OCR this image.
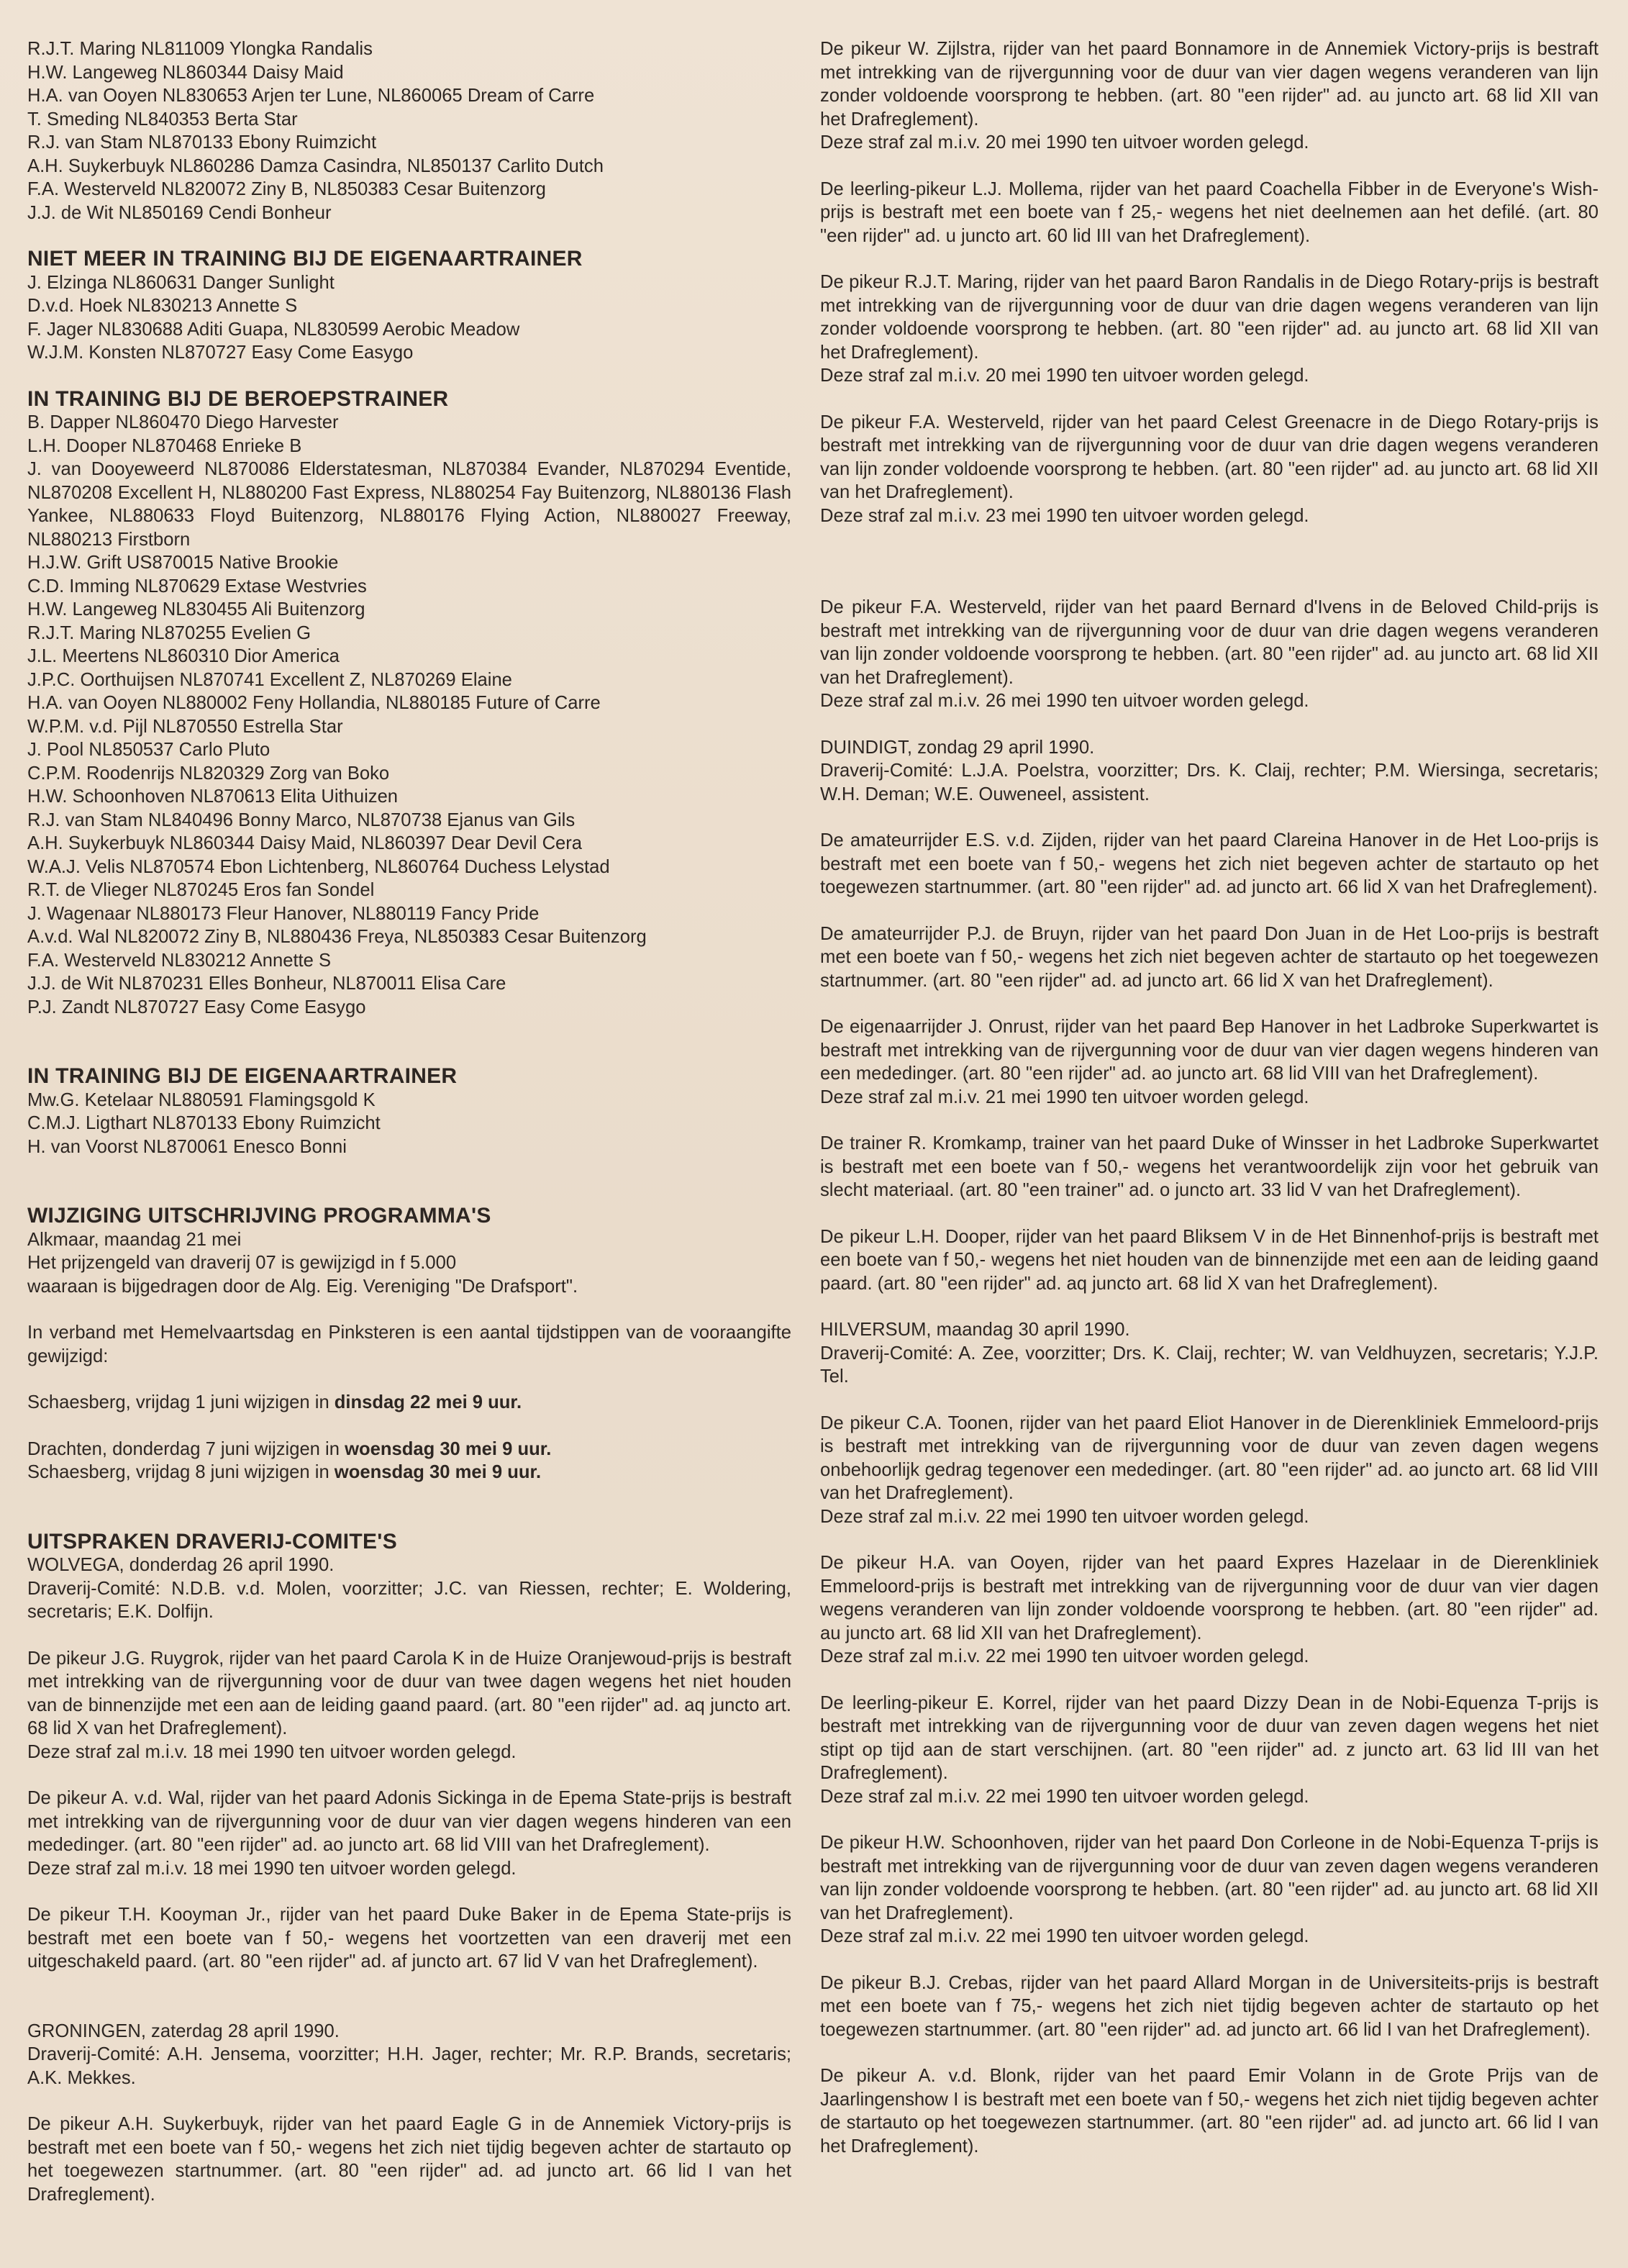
R.J.T. Maring NL811009 Ylongka Randalis

H.W. Langeweg NL860344 Daisy Maid

H.A. van Ooyen NL830653 Arjen ter Lune, NL860065 Dream of Carre

T. Smeding NL840353 Berta Star

R.J. van Stam NL870133 Ebony Ruimzicht

A.H. Suykerbuyk NL860286 Damza Casindra, NL850137 Carlito Dutch

F.A. Westerveld NL820072 Ziny B, NL850383 Cesar Buitenzorg

J.J. de Wit NL850169 Cendi Bonheur

NIET MEER IN TRAINING BIJ DE EIGENAARTRAINER

J. Elzinga NL860631 Danger Sunlight

D.v.d. Hoek NL830213 Annette S

F. Jager NL830688 Aditi Guapa, NL830599 Aerobic Meadow

W.J.M. Konsten NL870727 Easy Come Easygo

IN TRAINING BIJ DE BEROEPSTRAINER

B. Dapper NL860470 Diego Harvester

L.H. Dooper NL870468 Enrieke B

J. van Dooyeweerd NL870086 Elderstatesman, NL870384 Evander, NL870294 Eventide, NL870208 Excellent H, NL880200 Fast Express, NL880254 Fay Buitenzorg, NL880136 Flash Yankee, NL880633 Floyd Buitenzorg, NL880176 Flying Action, NL880027 Freeway, NL880213 Firstborn

H.J.W. Grift US870015 Native Brookie

C.D. Imming NL870629 Extase Westvries

H.W. Langeweg NL830455 Ali Buitenzorg

R.J.T. Maring NL870255 Evelien G

J.L. Meertens NL860310 Dior America

J.P.C. Oorthuijsen NL870741 Excellent Z, NL870269 Elaine

H.A. van Ooyen NL880002 Feny Hollandia, NL880185 Future of Carre

W.P.M. v.d. Pijl NL870550 Estrella Star

J. Pool NL850537 Carlo Pluto

C.P.M. Roodenrijs NL820329 Zorg van Boko

H.W. Schoonhoven NL870613 Elita Uithuizen

R.J. van Stam NL840496 Bonny Marco, NL870738 Ejanus van Gils

A.H. Suykerbuyk NL860344 Daisy Maid, NL860397 Dear Devil Cera

W.A.J. Velis NL870574 Ebon Lichtenberg, NL860764 Duchess Lelystad

R.T. de Vlieger NL870245 Eros fan Sondel

J. Wagenaar NL880173 Fleur Hanover, NL880119 Fancy Pride

A.v.d. Wal NL820072 Ziny B, NL880436 Freya, NL850383 Cesar Buitenzorg

F.A. Westerveld NL830212 Annette S

J.J. de Wit NL870231 Elles Bonheur, NL870011 Elisa Care

P.J. Zandt NL870727 Easy Come Easygo

IN TRAINING BIJ DE EIGENAARTRAINER

Mw.G. Ketelaar NL880591 Flamingsgold K

C.M.J. Ligthart NL870133 Ebony Ruimzicht

H. van Voorst NL870061 Enesco Bonni

WIJZIGING UITSCHRIJVING PROGRAMMA'S

Alkmaar, maandag 21 mei

Het prijzengeld van draverij 07 is gewijzigd in f 5.000

waaraan is bijgedragen door de Alg. Eig. Vereniging "De Drafsport".

In verband met Hemelvaartsdag en Pinksteren is een aantal tijdstippen van de vooraangifte gewijzigd:

Schaesberg, vrijdag 1 juni wijzigen in dinsdag 22 mei 9 uur.

Drachten, donderdag 7 juni wijzigen in woensdag 30 mei 9 uur.

Schaesberg, vrijdag 8 juni wijzigen in woensdag 30 mei 9 uur.

UITSPRAKEN DRAVERIJ-COMITE'S

WOLVEGA, donderdag 26 april 1990.

Draverij-Comité: N.D.B. v.d. Molen, voorzitter; J.C. van Riessen, rechter; E. Woldering, secretaris; E.K. Dolfijn.

De pikeur J.G. Ruygrok, rijder van het paard Carola K in de Huize Oranjewoud-prijs is bestraft met intrekking van de rijvergunning voor de duur van twee dagen wegens het niet houden van de binnenzijde met een aan de leiding gaand paard. (art. 80 "een rijder" ad. aq juncto art. 68 lid X van het Drafreglement).

Deze straf zal m.i.v. 18 mei 1990 ten uitvoer worden gelegd.

De pikeur A. v.d. Wal, rijder van het paard Adonis Sickinga in de Epema State-prijs is bestraft met intrekking van de rijvergunning voor de duur van vier dagen wegens hinderen van een mededinger. (art. 80 "een rijder" ad. ao juncto art. 68 lid VIII van het Drafreglement).

Deze straf zal m.i.v. 18 mei 1990 ten uitvoer worden gelegd.

De pikeur T.H. Kooyman Jr., rijder van het paard Duke Baker in de Epema State-prijs is bestraft met een boete van f 50,- wegens het voortzetten van een draverij met een uitgeschakeld paard. (art. 80 "een rijder" ad. af juncto art. 67 lid V van het Drafreglement).

GRONINGEN, zaterdag 28 april 1990.

Draverij-Comité: A.H. Jensema, voorzitter; H.H. Jager, rechter; Mr. R.P. Brands, secretaris; A.K. Mekkes.

De pikeur A.H. Suykerbuyk, rijder van het paard Eagle G in de Annemiek Victory-prijs is bestraft met een boete van f 50,- wegens het zich niet tijdig begeven achter de startauto op het toegewezen startnummer. (art. 80 "een rijder" ad. ad juncto art. 66 lid I van het Drafreglement).

De pikeur W. Zijlstra, rijder van het paard Bonnamore in de Annemiek Victory-prijs is bestraft met intrekking van de rijvergunning voor de duur van vier dagen wegens veranderen van lijn zonder voldoende voorsprong te hebben. (art. 80 "een rijder" ad. au juncto art. 68 lid XII van het Drafreglement).

Deze straf zal m.i.v. 20 mei 1990 ten uitvoer worden gelegd.

De leerling-pikeur L.J. Mollema, rijder van het paard Coachella Fibber in de Everyone's Wish-prijs is bestraft met een boete van f 25,- wegens het niet deelnemen aan het defilé. (art. 80 "een rijder" ad. u juncto art. 60 lid III van het Drafreglement).

De pikeur R.J.T. Maring, rijder van het paard Baron Randalis in de Diego Rotary-prijs is bestraft met intrekking van de rijvergunning voor de duur van drie dagen wegens veranderen van lijn zonder voldoende voorsprong te hebben. (art. 80 "een rijder" ad. au juncto art. 68 lid XII van het Drafreglement).

Deze straf zal m.i.v. 20 mei 1990 ten uitvoer worden gelegd.

De pikeur F.A. Westerveld, rijder van het paard Celest Greenacre in de Diego Rotary-prijs is bestraft met intrekking van de rijvergunning voor de duur van drie dagen wegens veranderen van lijn zonder voldoende voorsprong te hebben. (art. 80 "een rijder" ad. au juncto art. 68 lid XII van het Drafreglement).

Deze straf zal m.i.v. 23 mei 1990 ten uitvoer worden gelegd.

De pikeur F.A. Westerveld, rijder van het paard Bernard d'Ivens in de Beloved Child-prijs is bestraft met intrekking van de rijvergunning voor de duur van drie dagen wegens veranderen van lijn zonder voldoende voorsprong te hebben. (art. 80 "een rijder" ad. au juncto art. 68 lid XII van het Drafreglement).

Deze straf zal m.i.v. 26 mei 1990 ten uitvoer worden gelegd.

DUINDIGT, zondag 29 april 1990.

Draverij-Comité: L.J.A. Poelstra, voorzitter; Drs. K. Claij, rechter; P.M. Wiersinga, secretaris; W.H. Deman; W.E. Ouweneel, assistent.

De amateurrijder E.S. v.d. Zijden, rijder van het paard Clareina Hanover in de Het Loo-prijs is bestraft met een boete van f 50,- wegens het zich niet begeven achter de startauto op het toegewezen startnummer. (art. 80 "een rijder" ad. ad juncto art. 66 lid X van het Drafreglement).

De amateurrijder P.J. de Bruyn, rijder van het paard Don Juan in de Het Loo-prijs is bestraft met een boete van f 50,- wegens het zich niet begeven achter de startauto op het toegewezen startnummer. (art. 80 "een rijder" ad. ad juncto art. 66 lid X van het Drafreglement).

De eigenaarrijder J. Onrust, rijder van het paard Bep Hanover in het Ladbroke Superkwartet is bestraft met intrekking van de rijvergunning voor de duur van vier dagen wegens hinderen van een mededinger. (art. 80 "een rijder" ad. ao juncto art. 68 lid VIII van het Drafreglement).

Deze straf zal m.i.v. 21 mei 1990 ten uitvoer worden gelegd.

De trainer R. Kromkamp, trainer van het paard Duke of Winsser in het Ladbroke Superkwartet is bestraft met een boete van f 50,- wegens het verantwoordelijk zijn voor het gebruik van slecht materiaal. (art. 80 "een trainer" ad. o juncto art. 33 lid V van het Drafreglement).

De pikeur L.H. Dooper, rijder van het paard Bliksem V in de Het Binnenhof-prijs is bestraft met een boete van f 50,- wegens het niet houden van de binnenzijde met een aan de leiding gaand paard. (art. 80 "een rijder" ad. aq juncto art. 68 lid X van het Drafreglement).

HILVERSUM, maandag 30 april 1990.

Draverij-Comité: A. Zee, voorzitter; Drs. K. Claij, rechter; W. van Veldhuyzen, secretaris; Y.J.P. Tel.

De pikeur C.A. Toonen, rijder van het paard Eliot Hanover in de Dierenkliniek Emmeloord-prijs is bestraft met intrekking van de rijvergunning voor de duur van zeven dagen wegens onbehoorlijk gedrag tegenover een mededinger. (art. 80 "een rijder" ad. ao juncto art. 68 lid VIII van het Drafreglement).

Deze straf zal m.i.v. 22 mei 1990 ten uitvoer worden gelegd.

De pikeur H.A. van Ooyen, rijder van het paard Expres Hazelaar in de Dierenkliniek Emmeloord-prijs is bestraft met intrekking van de rijvergunning voor de duur van vier dagen wegens veranderen van lijn zonder voldoende voorsprong te hebben. (art. 80 "een rijder" ad. au juncto art. 68 lid XII van het Drafreglement).

Deze straf zal m.i.v. 22 mei 1990 ten uitvoer worden gelegd.

De leerling-pikeur E. Korrel, rijder van het paard Dizzy Dean in de Nobi-Equenza T-prijs is bestraft met intrekking van de rijvergunning voor de duur van zeven dagen wegens het niet stipt op tijd aan de start verschijnen. (art. 80 "een rijder" ad. z juncto art. 63 lid III van het Drafreglement).

Deze straf zal m.i.v. 22 mei 1990 ten uitvoer worden gelegd.

De pikeur H.W. Schoonhoven, rijder van het paard Don Corleone in de Nobi-Equenza T-prijs is bestraft met intrekking van de rijvergunning voor de duur van zeven dagen wegens veranderen van lijn zonder voldoende voorsprong te hebben. (art. 80 "een rijder" ad. au juncto art. 68 lid XII van het Drafreglement).

Deze straf zal m.i.v. 22 mei 1990 ten uitvoer worden gelegd.

De pikeur B.J. Crebas, rijder van het paard Allard Morgan in de Universiteits-prijs is bestraft met een boete van f 75,- wegens het zich niet tijdig begeven achter de startauto op het toegewezen startnummer. (art. 80 "een rijder" ad. ad juncto art. 66 lid I van het Drafreglement).

De pikeur A. v.d. Blonk, rijder van het paard Emir Volann in de Grote Prijs van de Jaarlingenshow I is bestraft met een boete van f 50,- wegens het zich niet tijdig begeven achter de startauto op het toegewezen startnummer. (art. 80 "een rijder" ad. ad juncto art. 66 lid I van het Drafreglement).
